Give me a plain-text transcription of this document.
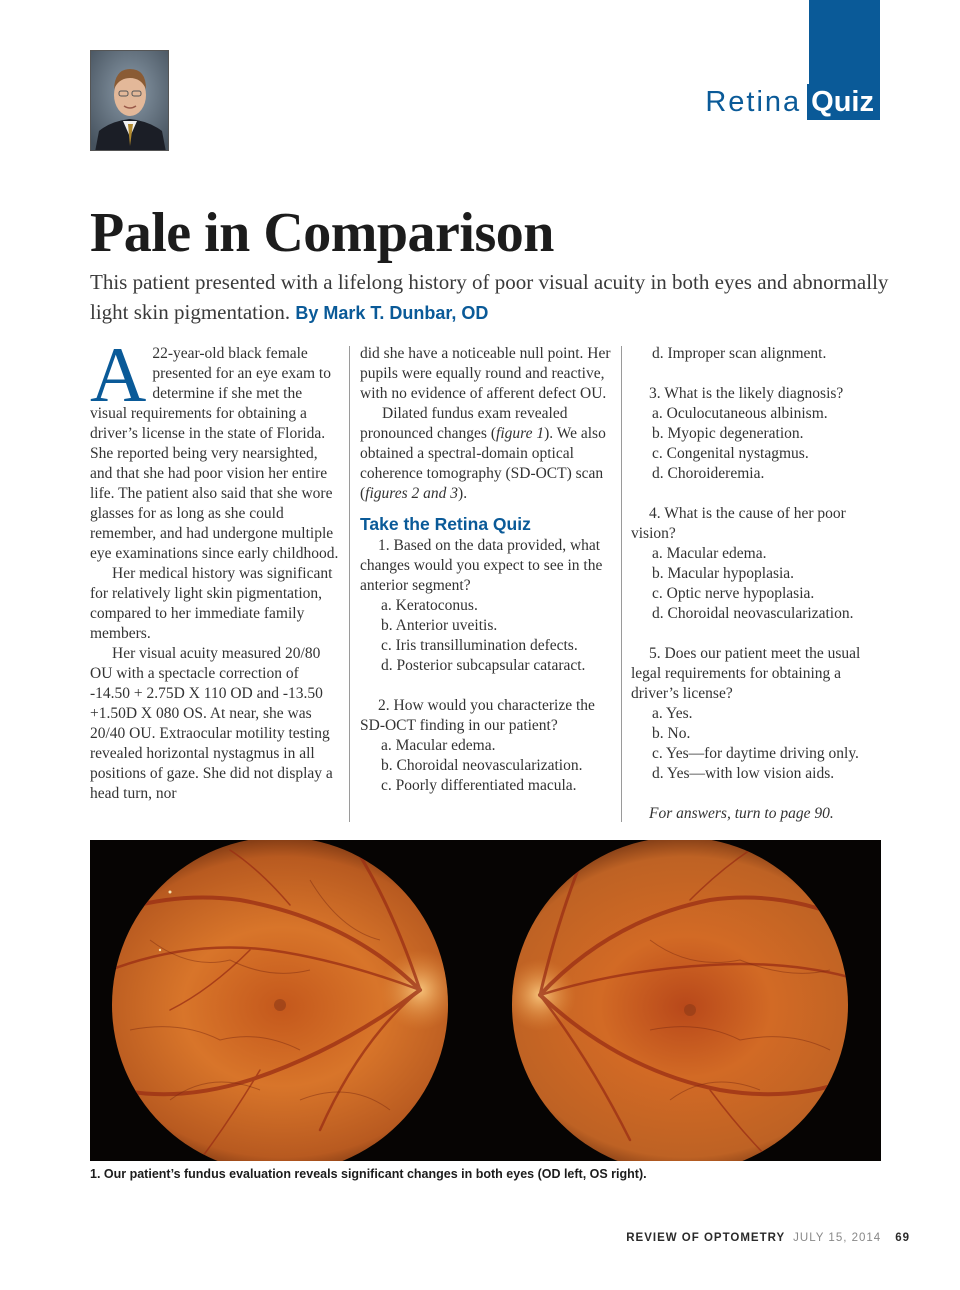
Retina Quiz
Pale in Comparison
This patient presented with a lifelong history of poor visual acuity in both eyes and abnormally light skin pigmentation. By Mark T. Dunbar, OD

A 22-year-old black female presented for an eye exam to determine if she met the visual requirements for obtaining a driver’s license in the state of Florida. She reported being very nearsighted, and that she had poor vision her entire life. The patient also said that she wore glasses for as long as she could remember, and had undergone multiple eye examinations since early childhood.

Her medical history was significant for relatively light skin pigmentation, compared to her immediate family members.

Her visual acuity measured 20/80 OU with a spectacle correction of -14.50 + 2.75D X 110 OD and -13.50 +1.50D X 080 OS. At near, she was 20/40 OU. Extraocular motility testing revealed horizontal nystagmus in all positions of gaze. She did not display a head turn, nor

did she have a noticeable null point. Her pupils were equally round and reactive, with no evidence of afferent defect OU.

Dilated fundus exam revealed pronounced changes (figure 1). We also obtained a spectral-domain optical coherence tomography (SD-OCT) scan (figures 2 and 3).

Take the Retina Quiz

1. Based on the data provided, what changes would you expect to see in the anterior segment?

a. Keratoconus.

b. Anterior uveitis.

c. Iris transillumination defects.

d. Posterior subcapsular cataract.

2. How would you characterize the SD-OCT finding in our patient?

a. Macular edema.

b. Choroidal neovascularization.

c. Poorly differentiated macula.

d. Improper scan alignment.

3. What is the likely diagnosis?

a. Oculocutaneous albinism.

b. Myopic degeneration.

c. Congenital nystagmus.

d. Choroideremia.

4. What is the cause of her poor vision?

a. Macular edema.

b. Macular hypoplasia.

c. Optic nerve hypoplasia.

d. Choroidal neovascularization.

5. Does our patient meet the usual legal requirements for obtaining a driver’s license?

a. Yes.

b. No.

c. Yes—for daytime driving only.

d. Yes—with low vision aids.

For answers, turn to page 90.

1. Our patient’s fundus evaluation reveals significant changes in both eyes (OD left, OS right).
REVIEW OF OPTOMETRY JULY 15, 2014 69
